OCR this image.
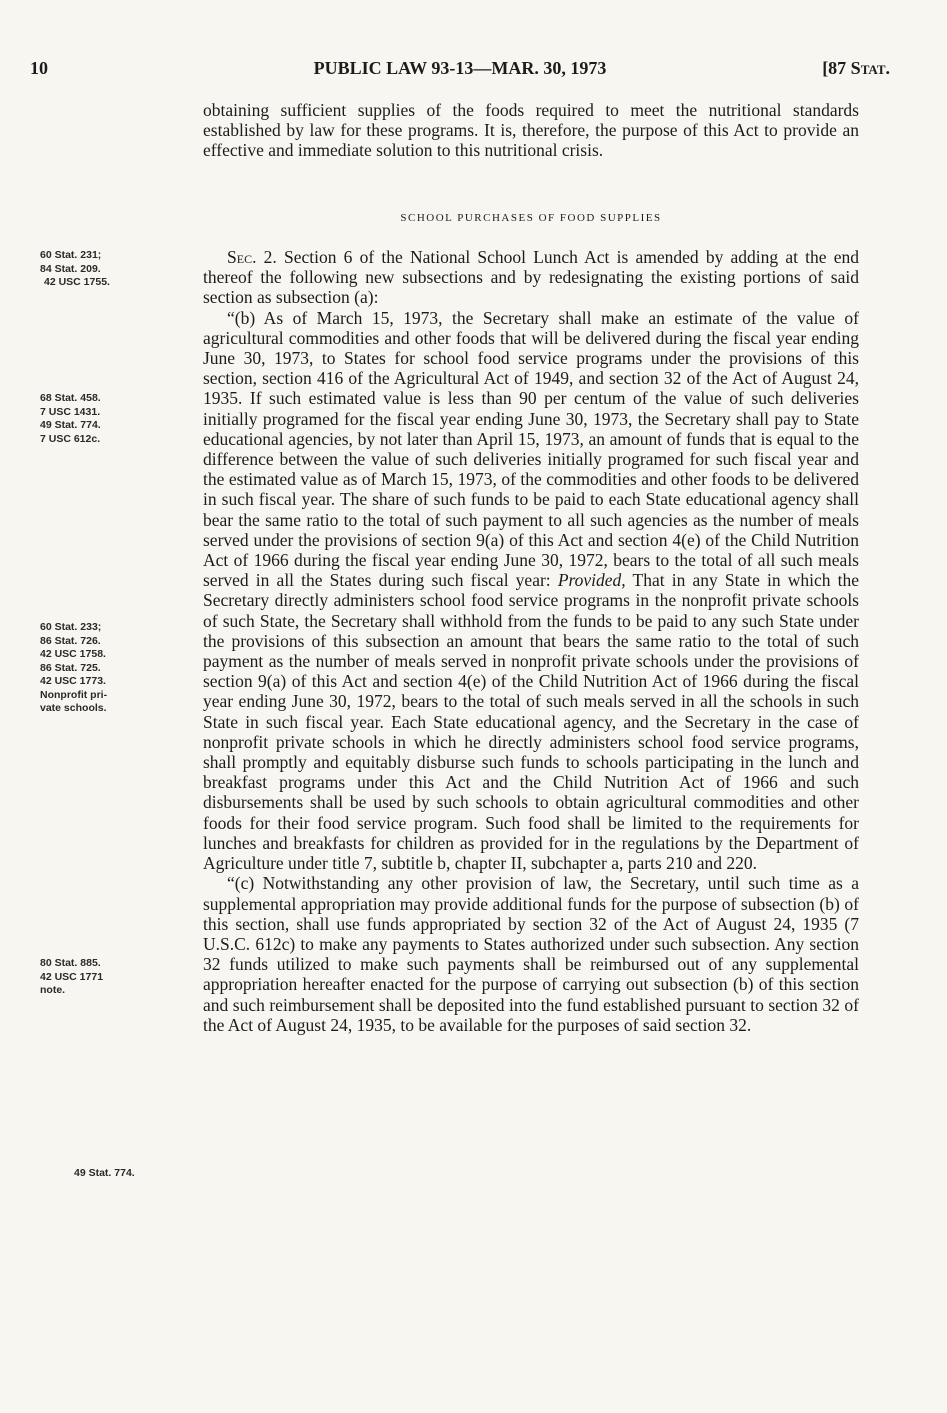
10	PUBLIC LAW 93-13—MAR. 30, 1973	[87 Stat.

obtaining sufficient supplies of the foods required to meet the nutritional standards established by law for these programs. It is, therefore, the purpose of this Act to provide an effective and immediate solution to this nutritional crisis.

SCHOOL PURCHASES OF FOOD SUPPLIES
60 Stat. 231;
84 Stat. 209.
42 USC 1755.
68 Stat. 458.
7 USC 1431.
49 Stat. 774.
7 USC 612c.
60 Stat. 233;
86 Stat. 726.
42 USC 1758.
86 Stat. 725.
42 USC 1773.
Nonprofit pri-
vate schools.
80 Stat. 885.
42 USC 1771
note.
49 Stat. 774.

Sec. 2. Section 6 of the National School Lunch Act is amended by adding at the end thereof the following new subsections and by redesignating the existing portions of said section as subsection (a):

“(b) As of March 15, 1973, the Secretary shall make an estimate of the value of agricultural commodities and other foods that will be delivered during the fiscal year ending June 30, 1973, to States for school food service programs under the provisions of this section, section 416 of the Agricultural Act of 1949, and section 32 of the Act of August 24, 1935. If such estimated value is less than 90 per centum of the value of such deliveries initially programed for the fiscal year ending June 30, 1973, the Secretary shall pay to State educational agencies, by not later than April 15, 1973, an amount of funds that is equal to the difference between the value of such deliveries initially programed for such fiscal year and the estimated value as of March 15, 1973, of the commodities and other foods to be delivered in such fiscal year. The share of such funds to be paid to each State educational agency shall bear the same ratio to the total of such payment to all such agencies as the number of meals served under the provisions of section 9(a) of this Act and section 4(e) of the Child Nutrition Act of 1966 during the fiscal year ending June 30, 1972, bears to the total of all such meals served in all the States during such fiscal year: Provided, That in any State in which the Secretary directly administers school food service programs in the nonprofit private schools of such State, the Secretary shall withhold from the funds to be paid to any such State under the provisions of this subsection an amount that bears the same ratio to the total of such payment as the number of meals served in nonprofit private schools under the provisions of section 9(a) of this Act and section 4(e) of the Child Nutrition Act of 1966 during the fiscal year ending June 30, 1972, bears to the total of such meals served in all the schools in such State in such fiscal year. Each State educational agency, and the Secretary in the case of nonprofit private schools in which he directly administers school food service programs, shall promptly and equitably disburse such funds to schools participating in the lunch and breakfast programs under this Act and the Child Nutrition Act of 1966 and such disbursements shall be used by such schools to obtain agricultural commodities and other foods for their food service program. Such food shall be limited to the requirements for lunches and breakfasts for children as provided for in the regulations by the Department of Agriculture under title 7, subtitle b, chapter II, subchapter a, parts 210 and 220.

“(c) Notwithstanding any other provision of law, the Secretary, until such time as a supplemental appropriation may provide additional funds for the purpose of subsection (b) of this section, shall use funds appropriated by section 32 of the Act of August 24, 1935 (7 U.S.C. 612c) to make any payments to States authorized under such subsection. Any section 32 funds utilized to make such payments shall be reimbursed out of any supplemental appropriation hereafter enacted for the purpose of carrying out subsection (b) of this section and such reimbursement shall be deposited into the fund established pursuant to section 32 of the Act of August 24, 1935, to be available for the purposes of said section 32.
